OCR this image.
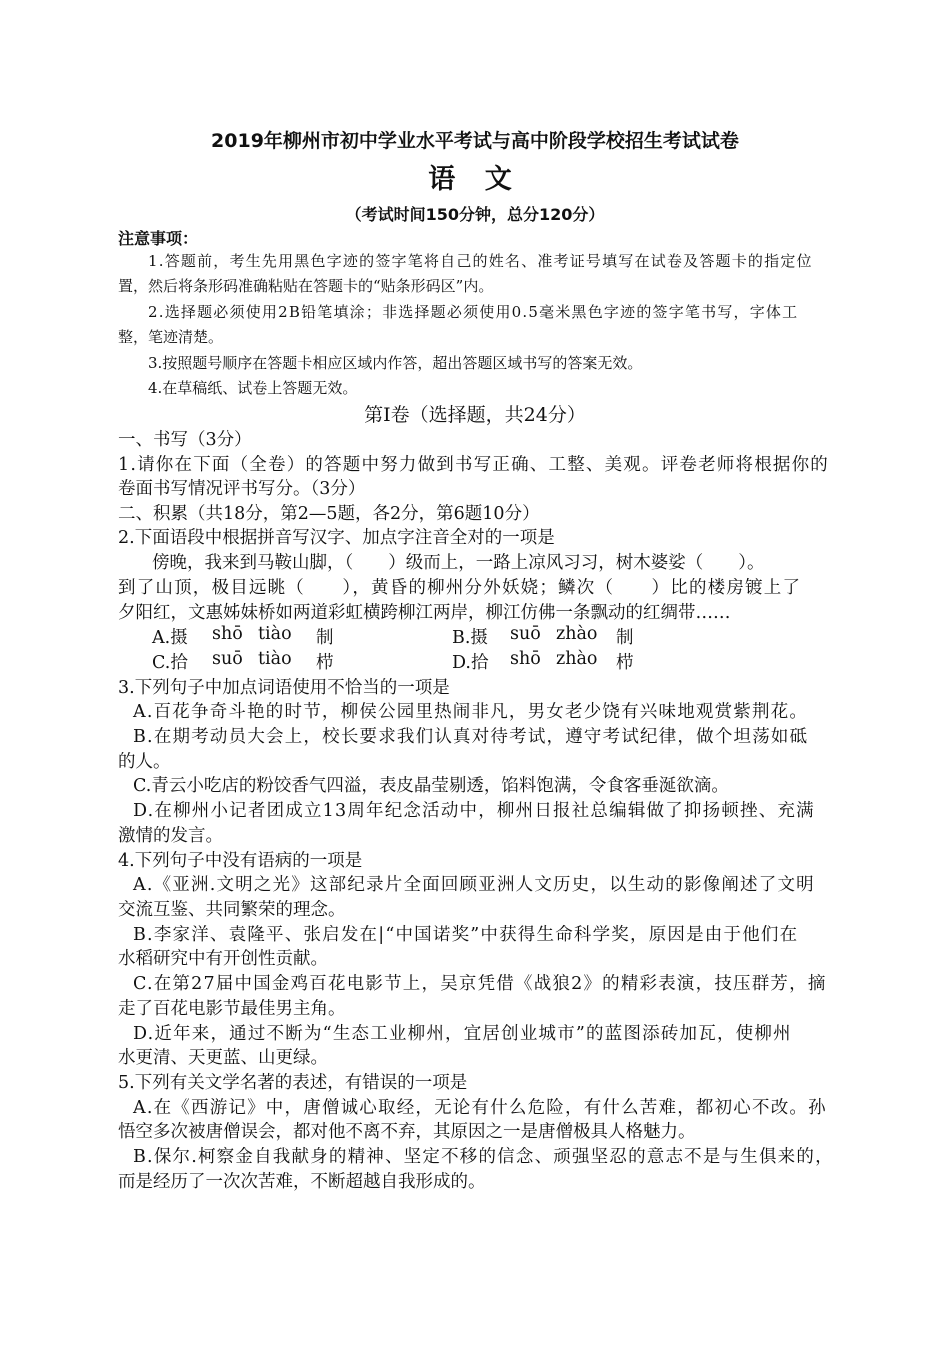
2019年柳州市初中学业水平考试与高中阶段学校招生考试试卷
语 文
（考试时间150分钟，总分120分）
注意事项：
1.答题前，考生先用黑色字迹的签字笔将自己的姓名、准考证号填写在试卷及答题卡的指定位
置，然后将条形码准确粘贴在答题卡的“贴条形码区”内。
2.选择题必须使用2B铅笔填涂；非选择题必须使用0.5毫米黑色字迹的签字笔书写，字体工
整，笔迹清楚。
3.按照题号顺序在答题卡相应区域内作答，超出答题区域书写的答案无效。
4.在草稿纸、试卷上答题无效。
第Ⅰ卷（选择题，共24分）
一、书写（3分）
1.请你在下面（全卷）的答题中努力做到书写正确、工整、美观。评卷老师将根据你的
卷面书写情况评书写分。（3分）
二、积累（共18分，第2—5题，各2分，第6题10分）
2.下面语段中根据拼音写汉字、加点字注音全对的一项是
傍晚，我来到马鞍山脚，（　　）级而上，一路上凉风习习，树木婆娑（　　）。
到了山顶，极目远眺（　　），黄昏的柳州分外妖娆；鳞次（　　）比的楼房镀上了
夕阳红，文惠姊妹桥如两道彩虹横跨柳江两岸，柳江仿佛一条飘动的红绸带……
A.摄 shō tiào 制	B.摄 suō zhào 制
C.拾 suō tiào 栉	D.拾 shō zhào 栉
3.下列句子中加点词语使用不恰当的一项是
A.百花争奇斗艳的时节，柳侯公园里热闹非凡，男女老少饶有兴味地观赏紫荆花。
B.在期考动员大会上，校长要求我们认真对待考试，遵守考试纪律，做个坦荡如砥
的人。
C.青云小吃店的粉饺香气四溢，表皮晶莹剔透，馅料饱满，令食客垂涎欲滴。
D.在柳州小记者团成立13周年纪念活动中，柳州日报社总编辑做了抑扬顿挫、充满
激情的发言。
4.下列句子中没有语病的一项是
A.《亚洲.文明之光》这部纪录片全面回顾亚洲人文历史，以生动的影像阐述了文明
交流互鉴、共同繁荣的理念。
B.李家洋、袁隆平、张启发在|“中国诺奖”中获得生命科学奖，原因是由于他们在
水稻研究中有开创性贡献。
C.在第27届中国金鸡百花电影节上，吴京凭借《战狼2》的精彩表演，技压群芳，摘
走了百花电影节最佳男主角。
D.近年来，通过不断为“生态工业柳州，宜居创业城市”的蓝图添砖加瓦，使柳州
水更清、天更蓝、山更绿。
5.下列有关文学名著的表述，有错误的一项是
A.在《西游记》中，唐僧诚心取经，无论有什么危险，有什么苦难，都初心不改。孙
悟空多次被唐僧误会，都对他不离不弃，其原因之一是唐僧极具人格魅力。
B.保尔.柯察金自我献身的精神、坚定不移的信念、顽强坚忍的意志不是与生俱来的，
而是经历了一次次苦难，不断超越自我形成的。
